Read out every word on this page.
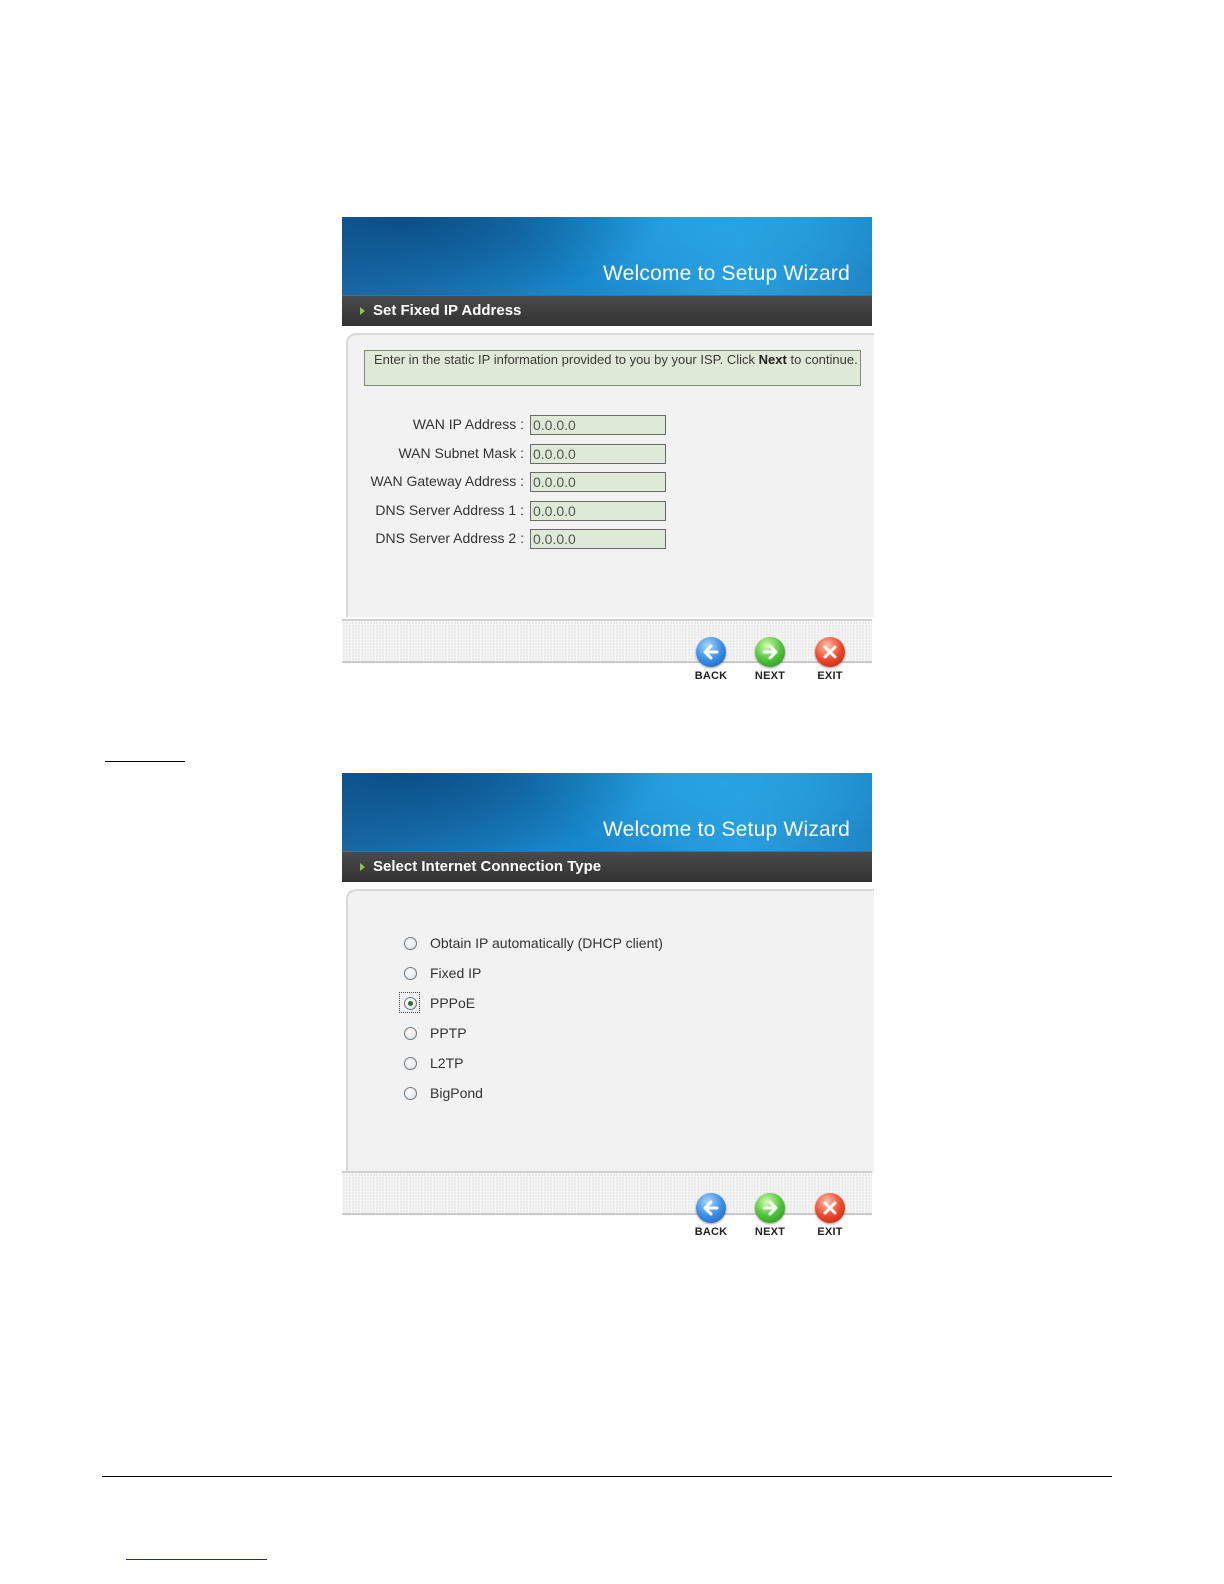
Welcome to Setup Wizard
Set Fixed IP Address
Enter in the static IP information provided to you by your ISP. Click Next to continue.
WAN IP Address :
0.0.0.0
WAN Subnet Mask :
0.0.0.0
WAN Gateway Address :
0.0.0.0
DNS Server Address 1 :
0.0.0.0
DNS Server Address 2 :
0.0.0.0
BACK	NEXT	EXIT
Welcome to Setup Wizard
Select Internet Connection Type
Obtain IP automatically (DHCP client)
Fixed IP
PPPoE
PPTP
L2TP
BigPond
BACK	NEXT	EXIT
